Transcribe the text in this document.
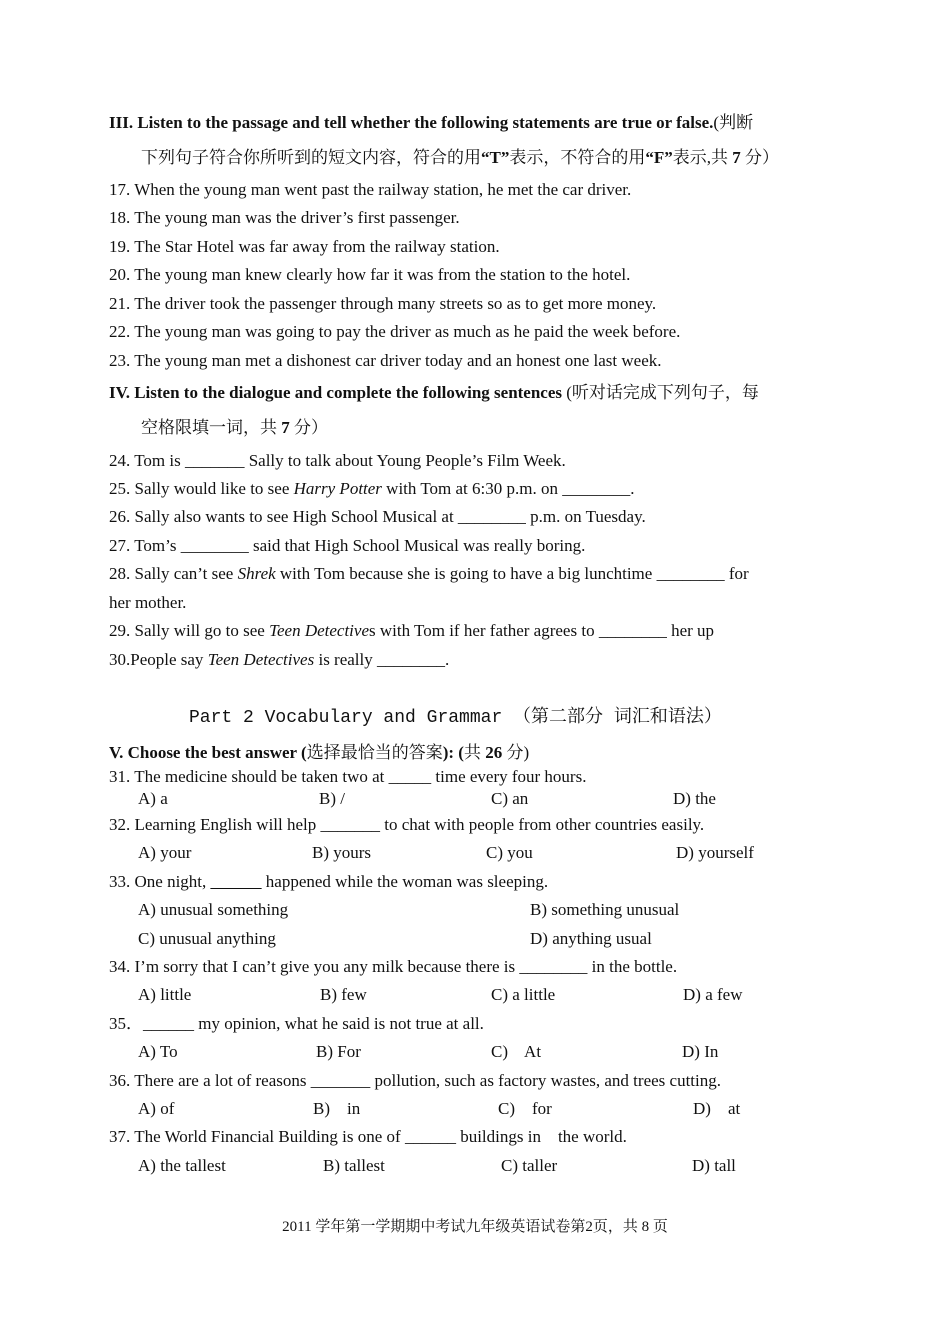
III. Listen to the passage and tell whether the following statements are true or false.(判断
下列句子符合你所听到的短文内容，符合的用“T”表示，不符合的用“F”表示,共 7 分）
17. When the young man went past the railway station, he met the car driver.
18. The young man was the driver’s first passenger.
19. The Star Hotel was far away from the railway station.
20. The young man knew clearly how far it was from the station to the hotel.
21. The driver took the passenger through many streets so as to get more money.
22. The young man was going to pay the driver as much as he paid the week before.
23. The young man met a dishonest car driver today and an honest one last week.
IV. Listen to the dialogue and complete the following sentences (听对话完成下列句子，每
空格限填一词，共 7 分）
24. Tom is _______ Sally to talk about Young People’s Film Week.
25. Sally would like to see Harry Potter with Tom at 6:30 p.m. on ________.
26. Sally also wants to see High School Musical at ________ p.m. on Tuesday.
27. Tom’s ________ said that High School Musical was really boring.
28. Sally can’t see Shrek with Tom because she is going to have a big lunchtime ________ for
her mother.
29. Sally will go to see Teen Detectives with Tom if her father agrees to ________ her up
30.People say Teen Detectives is really ________.
Part 2 Vocabulary and Grammar （第二部分 词汇和语法）
V. Choose the best answer (选择最恰当的答案): (共 26 分)
31. The medicine should be taken two at _____ time every four hours.
A) a	B) /	C) an	D) the
32. Learning English will help _______ to chat with people from other countries easily.
A) your	B) yours	C) you	D) yourself
33. One night, ______ happened while the woman was sleeping.
A) unusual something	B) something unusual
C) unusual anything	D) anything usual
34. I’m sorry that I can’t give you any milk because there is ________ in the bottle.
A) little	B) few	C) a little	D) a few
35．______ my opinion, what he said is not true at all.
A) To	B) For	C)    At	D) In
36. There are a lot of reasons _______ pollution, such as factory wastes, and trees cutting.
A) of	B)    in	C)    for	D)    at
37. The World Financial Building is one of ______ buildings in    the world.
A) the tallest	B) tallest	C) taller	D) tall
2011 学年第一学期期中考试九年级英语试卷第2页，共 8 页
